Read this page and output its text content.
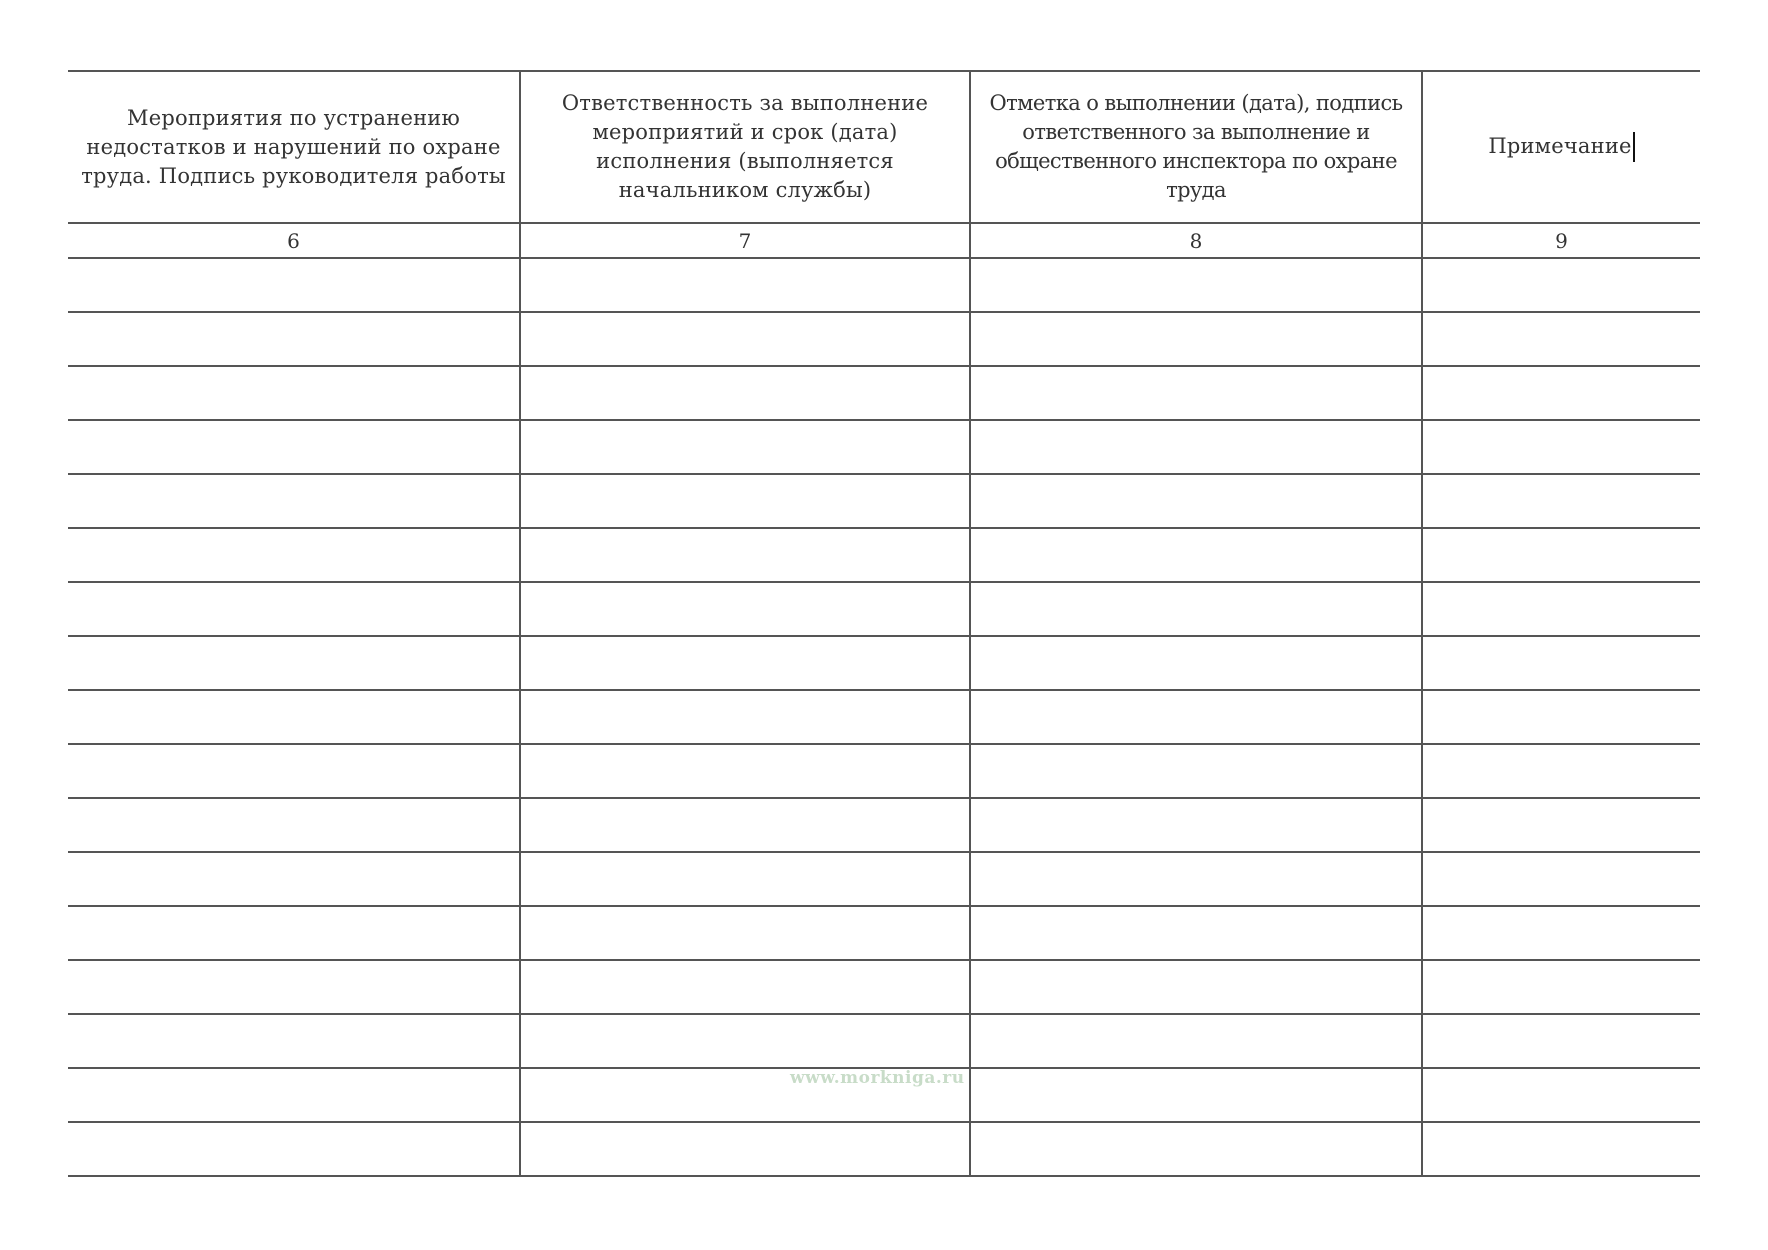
Мероприятия по устранению недостатков и нарушений по охране труда. Подпись руководителя работы	Ответственность за выполнение мероприятий и срок (дата) исполнения (выполняется начальником службы)	Отметка о выполнении (дата), подпись ответственного за выполнение и общественного инспектора по охране труда	Примечание
6	7	8	9

www.morkniga.ru
